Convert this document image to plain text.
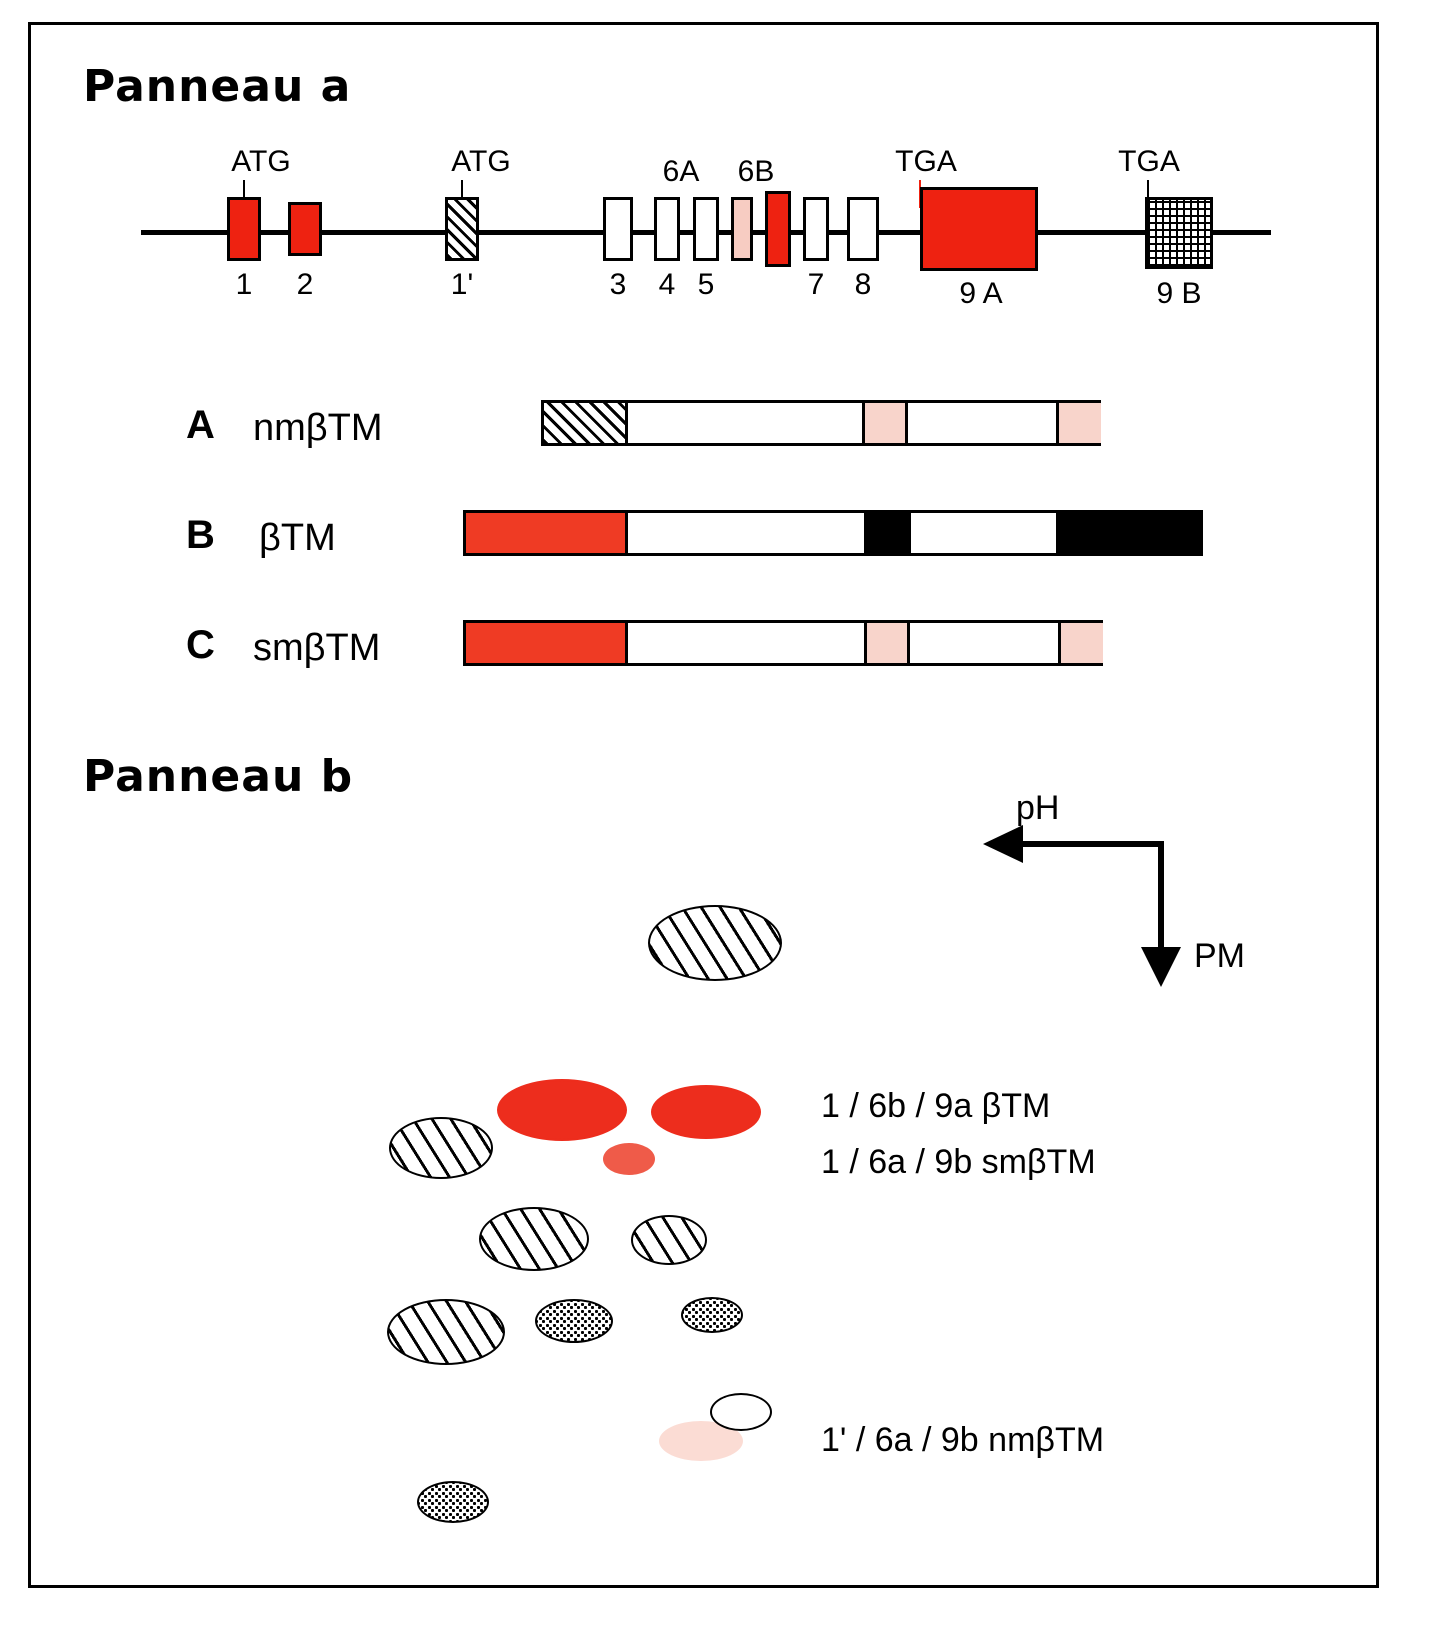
Panneau a
ATG	ATG	6A	6B	TGA	TGA
1	2	1'	3	4 5	7	8	9 A	9 B
A nmβTM
B βTM
C smβTM
Panneau b
pH
PM
1 / 6b / 9a βTM
1 / 6a / 9b smβTM
1' / 6a / 9b nmβTM
